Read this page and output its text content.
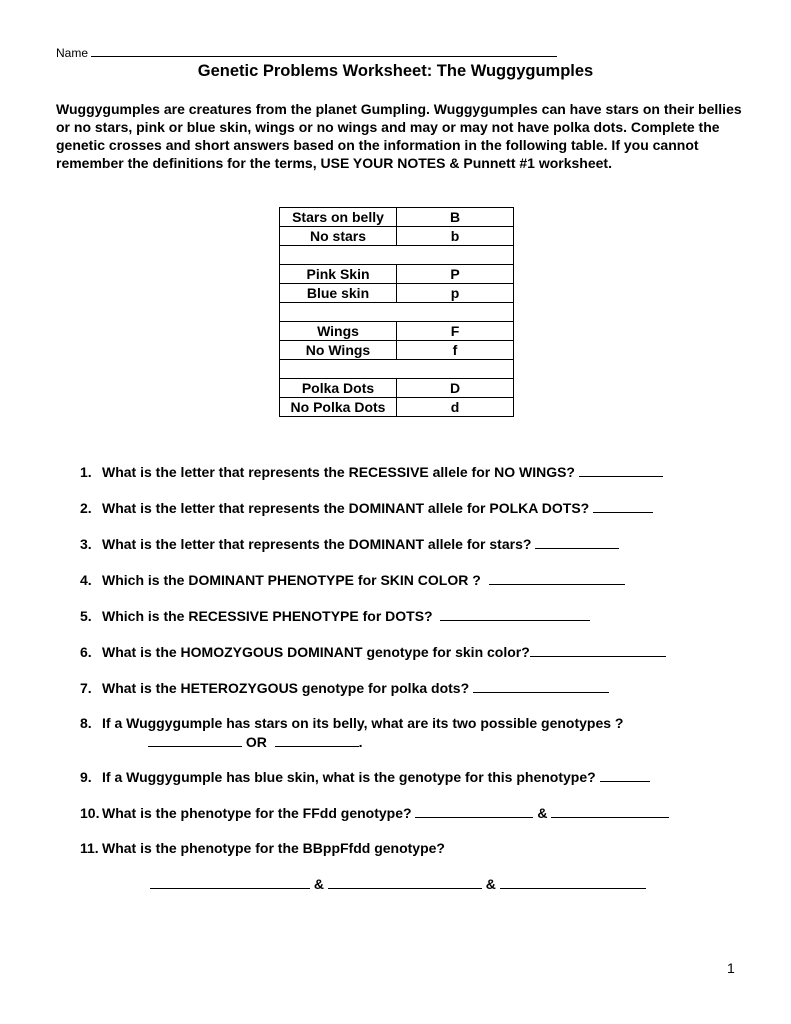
Name
Genetic Problems Worksheet: The Wuggygumples
Wuggygumples are creatures from the planet Gumpling. Wuggygumples can have stars on their bellies or no stars, pink or blue skin, wings or no wings and may or may not have polka dots. Complete the genetic crosses and short answers based on the information in the following table. If you cannot remember the definitions for the terms, USE YOUR NOTES & Punnett #1 worksheet.
Stars on belly	B
No stars	b

Pink Skin	P
Blue skin	p

Wings	F
No Wings	f

Polka Dots	D
No Polka Dots	d
1. What is the letter that represents the RECESSIVE allele for NO WINGS?
2. What is the letter that represents the DOMINANT allele for POLKA DOTS?
3. What is the letter that represents the DOMINANT allele for stars?
4. Which is the DOMINANT PHENOTYPE for SKIN COLOR ?
5. Which is the RECESSIVE PHENOTYPE for DOTS?
6. What is the HOMOZYGOUS DOMINANT genotype for skin color?
7. What is the HETEROZYGOUS genotype for polka dots?
8. If a Wuggygumple has stars on its belly, what are its two possible genotypes ?
OR	.
9. If a Wuggygumple has blue skin, what is the genotype for this phenotype?
10. What is the phenotype for the FFdd genotype?	&
11. What is the phenotype for the BBppFfdd genotype?
&	&
1
